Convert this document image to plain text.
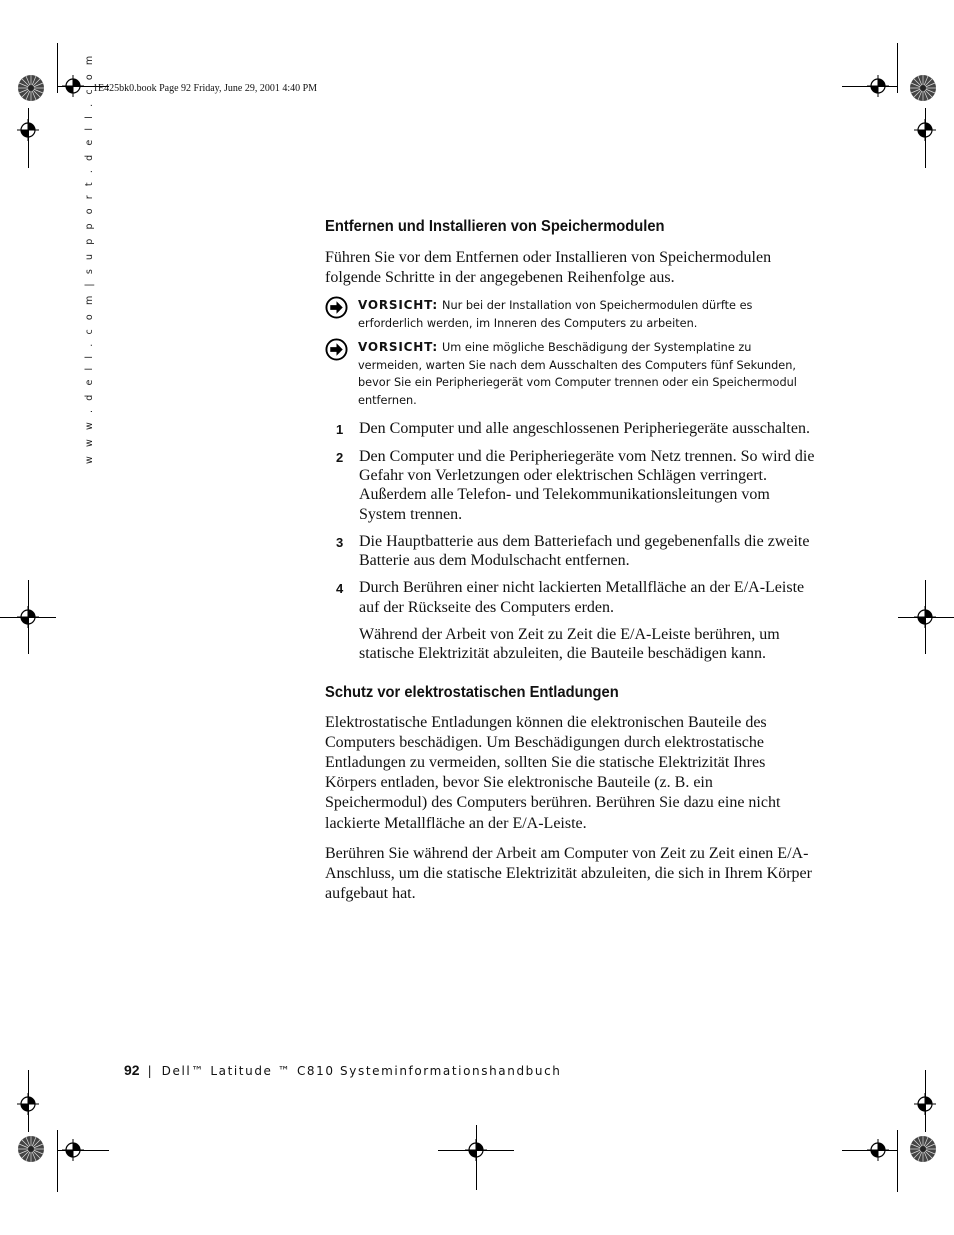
1E425bk0.book Page 92 Friday, June 29, 2001 4:40 PM
w w w . d e l l . c o m | s u p p o r t . d e l l . c o m	Entfernen und Installieren von Speichermodulen

Führen Sie vor dem Entfernen oder Installieren von Speichermodulen folgende Schritte in der angegebenen Reihenfolge aus.

VORSICHT: Nur bei der Installation von Speichermodulen dürfte es erforderlich werden, im Inneren des Computers zu arbeiten.
VORSICHT: Um eine mögliche Beschädigung der Systemplatine zu vermeiden, warten Sie nach dem Ausschalten des Computers fünf Sekunden, bevor Sie ein Peripheriegerät vom Computer trennen oder ein Speichermodul entfernen.
1 Den Computer und alle angeschlossenen Peripheriegeräte ausschalten.
2 Den Computer und die Peripheriegeräte vom Netz trennen. So wird die Gefahr von Verletzungen oder elektrischen Schlägen verringert. Außerdem alle Telefon- und Telekommunikationsleitungen vom System trennen.
3 Die Hauptbatterie aus dem Batteriefach und gegebenenfalls die zweite Batterie aus dem Modulschacht entfernen.
4 Durch Berühren einer nicht lackierten Metallfläche an der E/A-Leiste auf der Rückseite des Computers erden.

Während der Arbeit von Zeit zu Zeit die E/A-Leiste berühren, um statische Elektrizität abzuleiten, die Bauteile beschädigen kann.

Schutz vor elektrostatischen Entladungen

Elektrostatische Entladungen können die elektronischen Bauteile des Computers beschädigen. Um Beschädigungen durch elektrostatische Entladungen zu vermeiden, sollten Sie die statische Elektrizität Ihres Körpers entladen, bevor Sie elektronische Bauteile (z. B. ein Speichermodul) des Computers berühren. Berühren Sie dazu eine nicht lackierte Metallfläche an der E/A-Leiste.

Berühren Sie während der Arbeit am Computer von Zeit zu Zeit einen E/A-Anschluss, um die statische Elektrizität abzuleiten, die sich in Ihrem Körper aufgebaut hat.

92 | Dell™ Latitude ™ C810 Systeminformationshandbuch
